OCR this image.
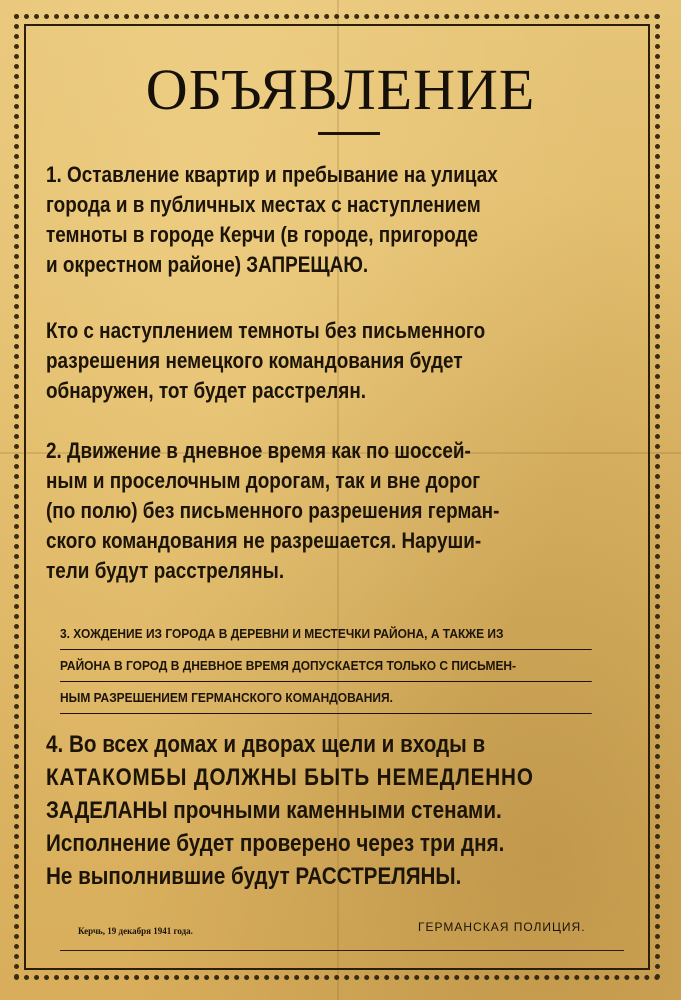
ОБЪЯВЛЕНИЕ
1. Оставление квартир и пребывание на улицах
города и в публичных местах с наступлением
темноты в городе Керчи (в городе, пригороде
и окрестном районе) ЗАПРЕЩАЮ.
Кто с наступлением темноты без письменного
разрешения немецкого командования будет
обнаружен, тот будет расстрелян.
2. Движение в дневное время как по шоссей-
ным и проселочным дорогам, так и вне дорог
(по полю) без письменного разрешения герман-
ского командования не разрешается. Наруши-
тели будут расстреляны.
3. ХОЖДЕНИЕ ИЗ ГОРОДА В ДЕРЕВНИ И МЕСТЕЧКИ РАЙОНА, А ТАКЖЕ ИЗ
РАЙОНА В ГОРОД В ДНЕВНОЕ ВРЕМЯ ДОПУСКАЕТСЯ ТОЛЬКО С ПИСЬМЕН-
НЫМ РАЗРЕШЕНИЕМ ГЕРМАНСКОГО КОМАНДОВАНИЯ.
4. Во всех домах и дворах щели и входы в
КАТАКОМБЫ ДОЛЖНЫ БЫТЬ НЕМЕДЛЕННО
ЗАДЕЛАНЫ прочными каменными стенами.
Исполнение будет проверено через три дня.
Не выполнившие будут РАССТРЕЛЯНЫ.
Керчь, 19 декабря 1941 года.	ГЕРМАНСКАЯ ПОЛИЦИЯ.
